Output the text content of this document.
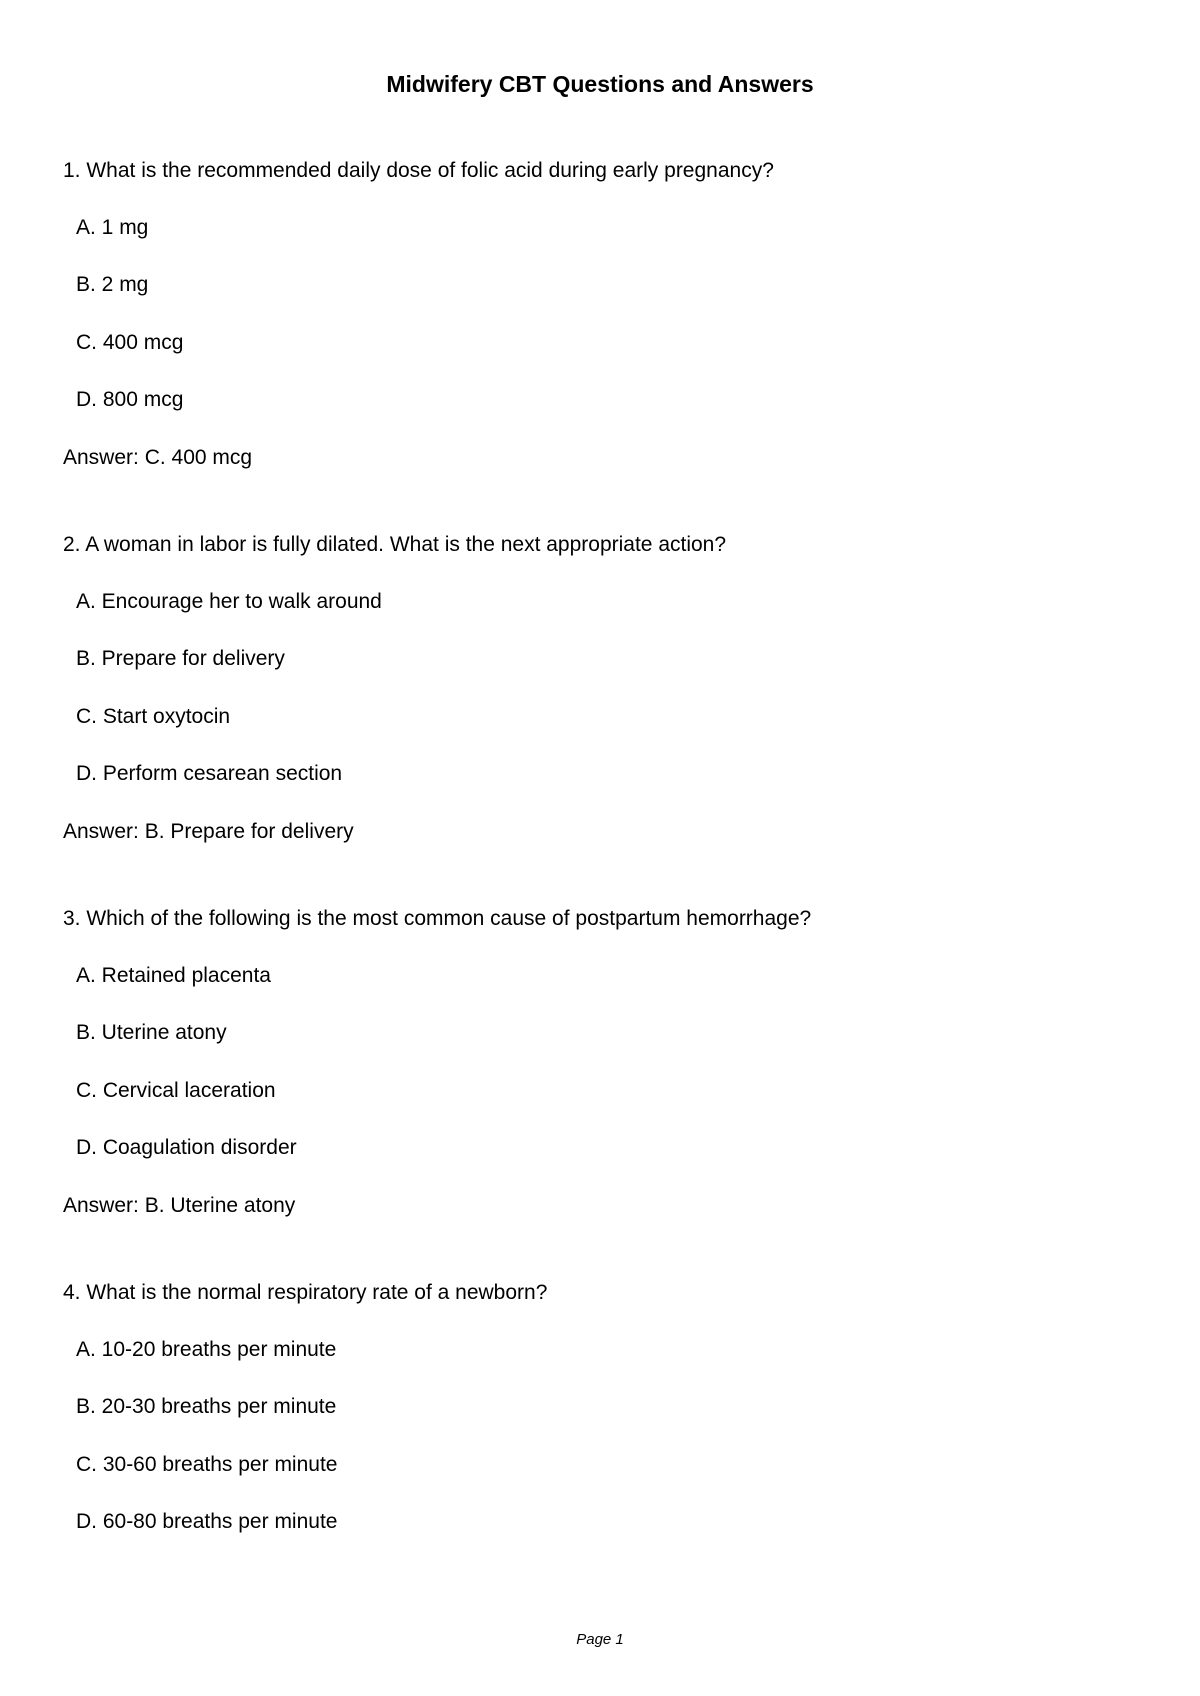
Midwifery CBT Questions and Answers

1. What is the recommended daily dose of folic acid during early pregnancy?

A. 1 mg

B. 2 mg

C. 400 mcg

D. 800 mcg

Answer: C. 400 mcg

2. A woman in labor is fully dilated. What is the next appropriate action?

A. Encourage her to walk around

B. Prepare for delivery

C. Start oxytocin

D. Perform cesarean section

Answer: B. Prepare for delivery

3. Which of the following is the most common cause of postpartum hemorrhage?

A. Retained placenta

B. Uterine atony

C. Cervical laceration

D. Coagulation disorder

Answer: B. Uterine atony

4. What is the normal respiratory rate of a newborn?

A. 10-20 breaths per minute

B. 20-30 breaths per minute

C. 30-60 breaths per minute

D. 60-80 breaths per minute

Page 1
